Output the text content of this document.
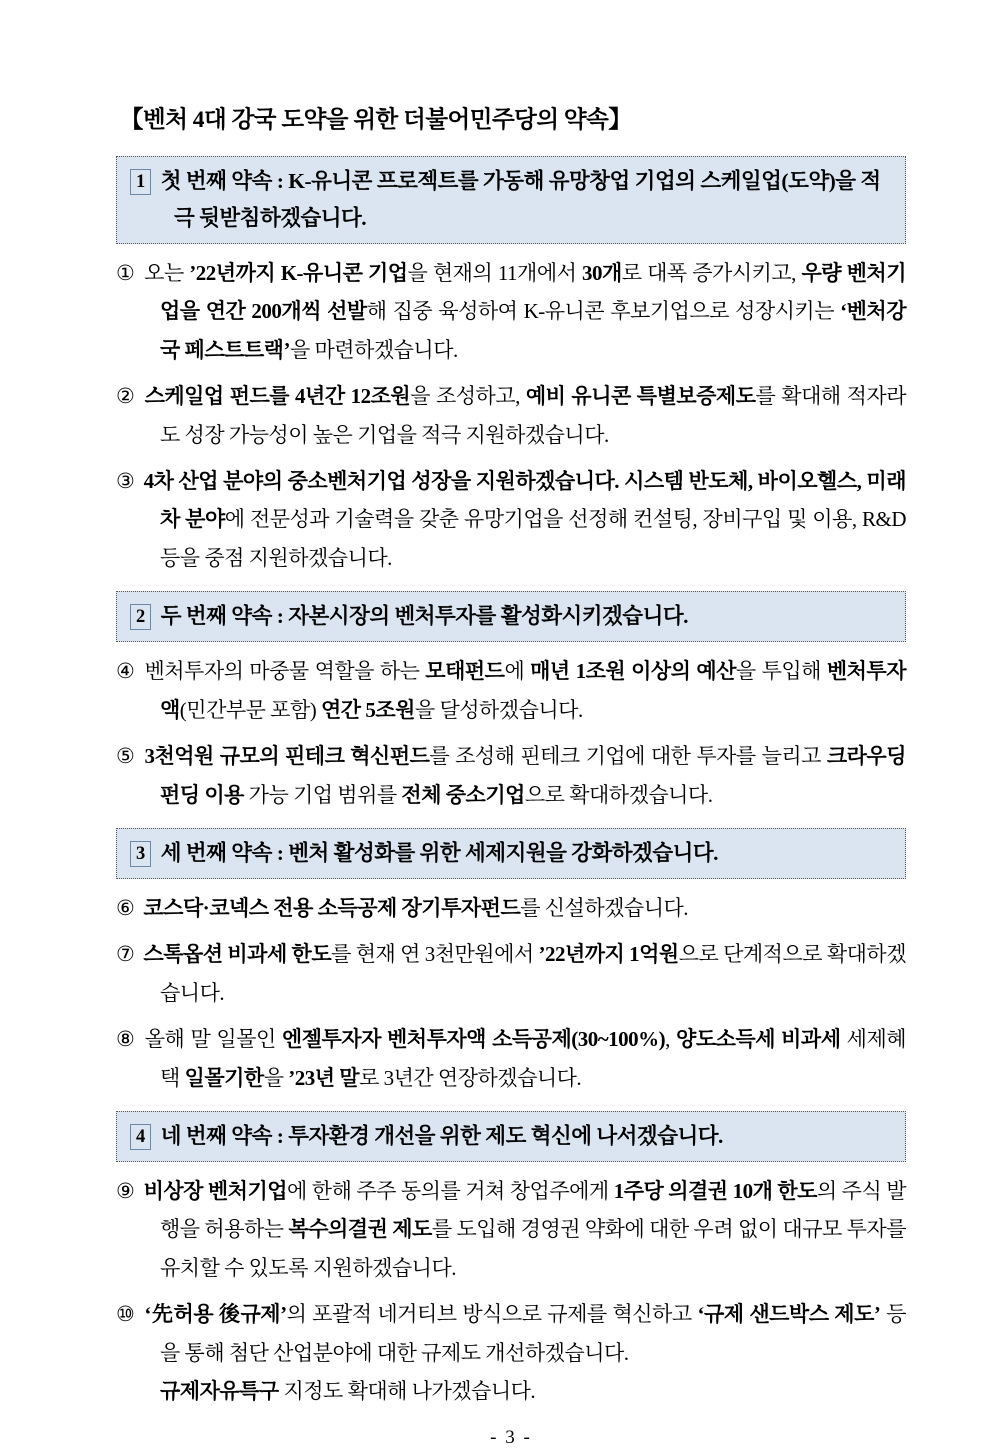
【벤처 4대 강국 도약을 위한 더불어민주당의 약속】
1 첫 번째 약속 : K-유니콘 프로젝트를 가동해 유망창업 기업의 스케일업(도약)을 적극 뒷받침하겠습니다.
① 오는 ’22년까지 K-유니콘 기업을 현재의 11개에서 30개로 대폭 증가시키고, 우량 벤처기업을 연간 200개씩 선발해 집중 육성하여 K-유니콘 후보기업으로 성장시키는 ‘벤처강국 페스트트랙’을 마련하겠습니다.
② 스케일업 펀드를 4년간 12조원을 조성하고, 예비 유니콘 특별보증제도를 확대해 적자라도 성장 가능성이 높은 기업을 적극 지원하겠습니다.
③ 4차 산업 분야의 중소벤처기업 성장을 지원하겠습니다. 시스템 반도체, 바이오헬스, 미래차 분야에 전문성과 기술력을 갖춘 유망기업을 선정해 컨설팅, 장비구입 및 이용, R&D 등을 중점 지원하겠습니다.
2 두 번째 약속 : 자본시장의 벤처투자를 활성화시키겠습니다.
④ 벤처투자의 마중물 역할을 하는 모태펀드에 매년 1조원 이상의 예산을 투입해 벤처투자액(민간부문 포함) 연간 5조원을 달성하겠습니다.
⑤ 3천억원 규모의 핀테크 혁신펀드를 조성해 핀테크 기업에 대한 투자를 늘리고 크라우딩 펀딩 이용 가능 기업 범위를 전체 중소기업으로 확대하겠습니다.
3 세 번째 약속 : 벤처 활성화를 위한 세제지원을 강화하겠습니다.
⑥ 코스닥·코넥스 전용 소득공제 장기투자펀드를 신설하겠습니다.
⑦ 스톡옵션 비과세 한도를 현재 연 3천만원에서 ’22년까지 1억원으로 단계적으로 확대하겠습니다.
⑧ 올해 말 일몰인 엔젤투자자 벤처투자액 소득공제(30~100%), 양도소득세 비과세 세제혜택 일몰기한을 ’23년 말로 3년간 연장하겠습니다.
4 네 번째 약속 : 투자환경 개선을 위한 제도 혁신에 나서겠습니다.
⑨ 비상장 벤처기업에 한해 주주 동의를 거쳐 창업주에게 1주당 의결권 10개 한도의 주식 발행을 허용하는 복수의결권 제도를 도입해 경영권 약화에 대한 우려 없이 대규모 투자를 유치할 수 있도록 지원하겠습니다.
⑩ ‘先허용 後규제’의 포괄적 네거티브 방식으로 규제를 혁신하고 ‘규제 샌드박스 제도’ 등을 통해 첨단 산업분야에 대한 규제도 개선하겠습니다.
규제자유특구 지정도 확대해 나가겠습니다.
- 3 -
